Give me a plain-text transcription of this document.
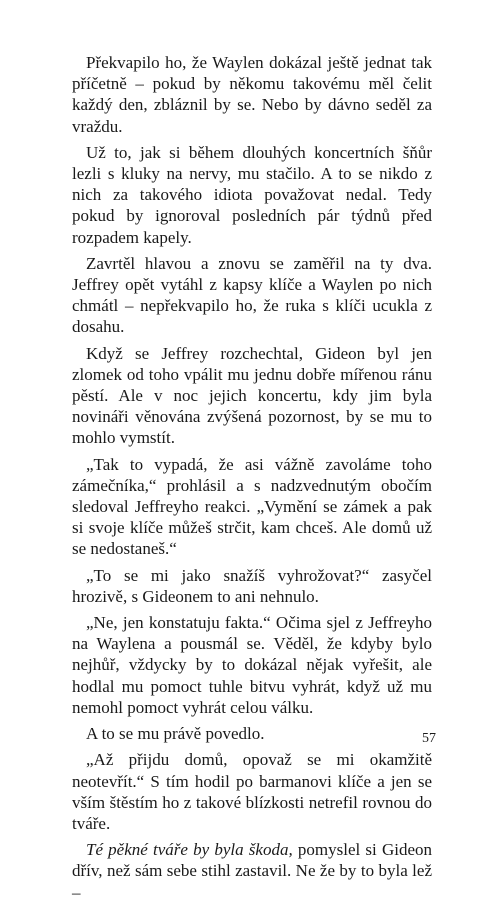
Překvapilo ho, že Waylen dokázal ještě jednat tak příčetně – pokud by někomu takovému měl čelit každý den, zbláznil by se. Nebo by dávno seděl za vraždu.

Už to, jak si během dlouhých koncertních šňůr lezli s kluky na nervy, mu stačilo. A to se nikdo z nich za takového idiota považovat nedal. Tedy pokud by ignoroval posledních pár týdnů před rozpadem kapely.

Zavrtěl hlavou a znovu se zaměřil na ty dva. Jeffrey opět vytáhl z kapsy klíče a Waylen po nich chmátl – nepřekvapilo ho, že ruka s klíči ucukla z dosahu.

Když se Jeffrey rozchechtal, Gideon byl jen zlomek od toho vpálit mu jednu dobře mířenou ránu pěstí. Ale v noc jejich koncertu, kdy jim byla novináři věnována zvýšená pozornost, by se mu to mohlo vymstít.

„Tak to vypadá, že asi vážně zavoláme toho zámečníka,“ prohlásil a s nadzvednutým obočím sledoval Jeffreyho reakci. „Vymění se zámek a pak si svoje klíče můžeš strčit, kam chceš. Ale domů už se nedostaneš.“

„To se mi jako snažíš vyhrožovat?“ zasyčel hrozivě, s Gideonem to ani nehnulo.

„Ne, jen konstatuju fakta.“ Očima sjel z Jeffreyho na Waylena a pousmál se. Věděl, že kdyby bylo nejhůř, vždycky by to dokázal nějak vyřešit, ale hodlal mu pomoct tuhle bitvu vyhrát, když už mu nemohl pomoct vyhrát celou válku.

A to se mu právě povedlo.

„Až přijdu domů, opovaž se mi okamžitě neotevřít.“ S tím hodil po barmanovi klíče a jen se vším štěstím ho z takové blízkosti netrefil rovnou do tváře.

Té pěkné tváře by byla škoda, pomyslel si Gideon dřív, než sám sebe stihl zastavil. Ne že by to byla lež –

57
